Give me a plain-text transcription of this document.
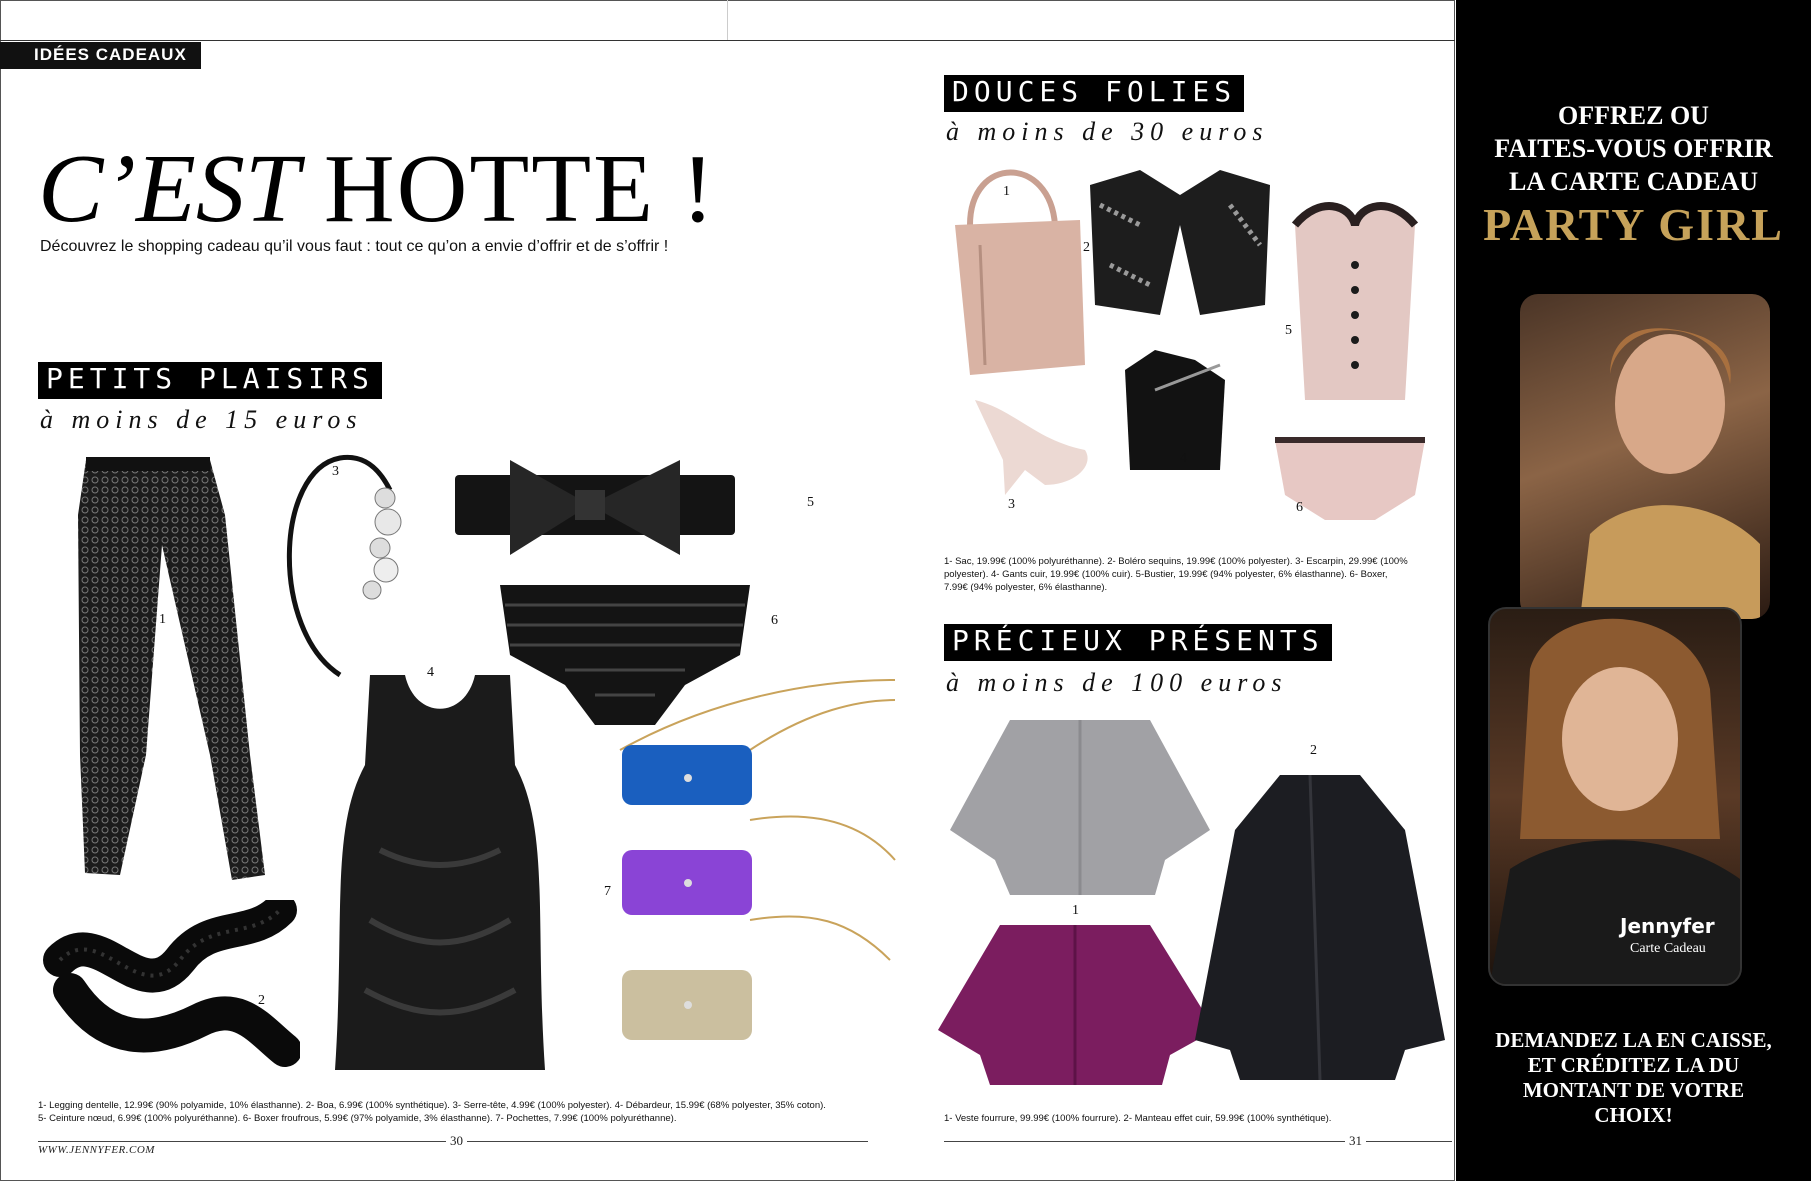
IDÉES CADEAUX
C’EST HOTTE !
Découvrez le shopping cadeau qu’il vous faut : tout ce qu’on a envie d’offrir et de s’offrir !
PETITS PLAISIRS
à moins de 15 euros
1
2
3
4
5
6
7
1- Legging dentelle, 12.99€ (90% polyamide, 10% élasthanne). 2- Boa, 6.99€ (100% synthétique). 3- Serre-tête, 4.99€ (100% polyester). 4- Débardeur, 15.99€ (68% polyester, 35% coton).
5- Ceinture nœud, 6.99€ (100% polyuréthanne). 6- Boxer froufrous, 5.99€ (97% polyamide, 3% élasthanne). 7- Pochettes, 7.99€ (100% polyuréthanne).
DOUCES FOLIES
à moins de 30 euros
1
2
3
4
5
6
1- Sac, 19.99€ (100% polyuréthanne). 2- Boléro sequins, 19.99€ (100% polyester). 3- Escarpin, 29.99€ (100%
polyester). 4- Gants cuir, 19.99€ (100% cuir). 5-Bustier, 19.99€ (94% polyester, 6% élasthanne). 6- Boxer,
7.99€ (94% polyester, 6% élasthanne).
PRÉCIEUX PRÉSENTS
à moins de 100 euros
1
2
1- Veste fourrure, 99.99€ (100% fourrure). 2- Manteau effet cuir, 59.99€ (100% synthétique).
WWW.JENNYFER.COM
30	31
OFFREZ OU
FAITES-VOUS OFFRIR
LA CARTE CADEAU
PARTY GIRL
Jennyfer
Carte Cadeau
DEMANDEZ LA EN CAISSE,
ET CRÉDITEZ LA DU
MONTANT DE VOTRE
CHOIX!
